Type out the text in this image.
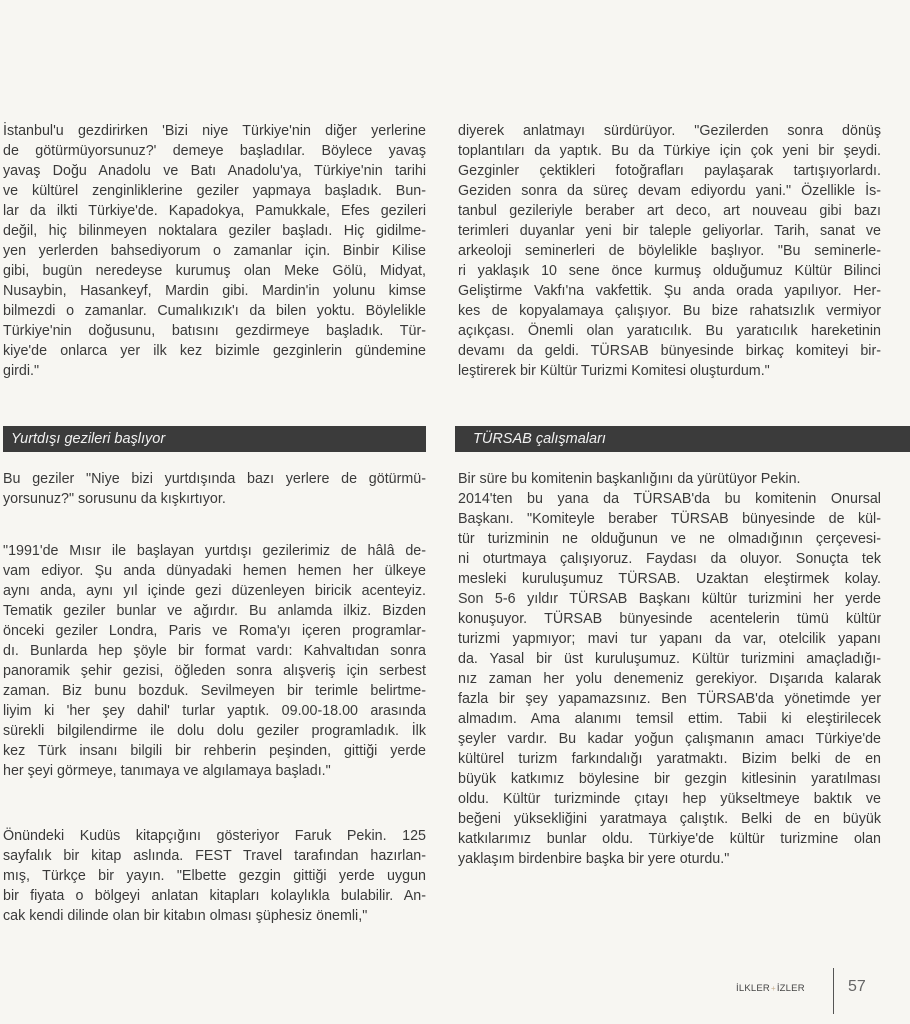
İstanbul'u gezdirirken 'Bizi niye Türkiye'nin diğer yerlerine
de götürmüyorsunuz?' demeye başladılar. Böylece yavaş
yavaş Doğu Anadolu ve Batı Anadolu'ya, Türkiye'nin tarihi
ve kültürel zenginliklerine geziler yapmaya başladık. Bun-
lar da ilkti Türkiye'de. Kapadokya, Pamukkale, Efes gezileri
değil, hiç bilinmeyen noktalara geziler başladı. Hiç gidilme-
yen yerlerden bahsediyorum o zamanlar için. Binbir Kilise
gibi, bugün neredeyse kurumuş olan Meke Gölü, Midyat,
Nusaybin, Hasankeyf, Mardin gibi. Mardin'in yolunu kimse
bilmezdi o zamanlar. Cumalıkızık'ı da bilen yoktu. Böylelikle
Türkiye'nin doğusunu, batısını gezdirmeye başladık. Tür-
kiye'de onlarca yer ilk kez bizimle gezginlerin gündemine
girdi."
Yurtdışı gezileri başlıyor
Bu geziler "Niye bizi yurtdışında bazı yerlere de götürmü-
yorsunuz?" sorusunu da kışkırtıyor.
"1991'de Mısır ile başlayan yurtdışı gezilerimiz de hâlâ de-
vam ediyor. Şu anda dünyadaki hemen hemen her ülkeye
aynı anda, aynı yıl içinde gezi düzenleyen biricik acenteyiz.
Tematik geziler bunlar ve ağırdır. Bu anlamda ilkiz. Bizden
önceki geziler Londra, Paris ve Roma'yı içeren programlar-
dı. Bunlarda hep şöyle bir format vardı: Kahvaltıdan sonra
panoramik şehir gezisi, öğleden sonra alışveriş için serbest
zaman. Biz bunu bozduk. Sevilmeyen bir terimle belirtme-
liyim ki 'her şey dahil' turlar yaptık. 09.00-18.00 arasında
sürekli bilgilendirme ile dolu dolu geziler programladık. İlk
kez Türk insanı bilgili bir rehberin peşinden, gittiği yerde
her şeyi görmeye, tanımaya ve algılamaya başladı."
Önündeki Kudüs kitapçığını gösteriyor Faruk Pekin. 125
sayfalık bir kitap aslında. FEST Travel tarafından hazırlan-
mış, Türkçe bir yayın. "Elbette gezgin gittiği yerde uygun
bir fiyata o bölgeyi anlatan kitapları kolaylıkla bulabilir. An-
cak kendi dilinde olan bir kitabın olması şüphesiz önemli,"
diyerek anlatmayı sürdürüyor. "Gezilerden sonra dönüş
toplantıları da yaptık. Bu da Türkiye için çok yeni bir şeydi.
Gezginler çektikleri fotoğrafları paylaşarak tartışıyorlardı.
Geziden sonra da süreç devam ediyordu yani." Özellikle İs-
tanbul gezileriyle beraber art deco, art nouveau gibi bazı
terimleri duyanlar yeni bir taleple geliyorlar. Tarih, sanat ve
arkeoloji seminerleri de böylelikle başlıyor. "Bu seminerle-
ri yaklaşık 10 sene önce kurmuş olduğumuz Kültür Bilinci
Geliştirme Vakfı'na vakfettik. Şu anda orada yapılıyor. Her-
kes de kopyalamaya çalışıyor. Bu bize rahatsızlık vermiyor
açıkçası. Önemli olan yaratıcılık. Bu yaratıcılık hareketinin
devamı da geldi. TÜRSAB bünyesinde birkaç komiteyi bir-
leştirerek bir Kültür Turizmi Komitesi oluşturdum."
TÜRSAB çalışmaları
Bir süre bu komitenin başkanlığını da yürütüyor Pekin.
2014'ten bu yana da TÜRSAB'da bu komitenin Onursal
Başkanı. "Komiteyle beraber TÜRSAB bünyesinde de kül-
tür turizminin ne olduğunun ve ne olmadığının çerçevesi-
ni oturtmaya çalışıyoruz. Faydası da oluyor. Sonuçta tek
mesleki kuruluşumuz TÜRSAB. Uzaktan eleştirmek kolay.
Son 5-6 yıldır TÜRSAB Başkanı kültür turizmini her yerde
konuşuyor. TÜRSAB bünyesinde acentelerin tümü kültür
turizmi yapmıyor; mavi tur yapanı da var, otelcilik yapanı
da. Yasal bir üst kuruluşumuz. Kültür turizmini amaçladığı-
nız zaman her yolu denemeniz gerekiyor. Dışarıda kalarak
fazla bir şey yapamazsınız. Ben TÜRSAB'da yönetimde yer
almadım. Ama alanımı temsil ettim. Tabii ki eleştirilecek
şeyler vardır. Bu kadar yoğun çalışmanın amacı Türkiye'de
kültürel turizm farkındalığı yaratmaktı. Bizim belki de en
büyük katkımız böylesine bir gezgin kitlesinin yaratılması
oldu. Kültür turizminde çıtayı hep yükseltmeye baktık ve
beğeni yüksekliğini yaratmaya çalıştık. Belki de en büyük
katkılarımız bunlar oldu. Türkiye'de kültür turizmine olan
yaklaşım birdenbire başka bir yere oturdu."
İLKLER+İZLER	57
